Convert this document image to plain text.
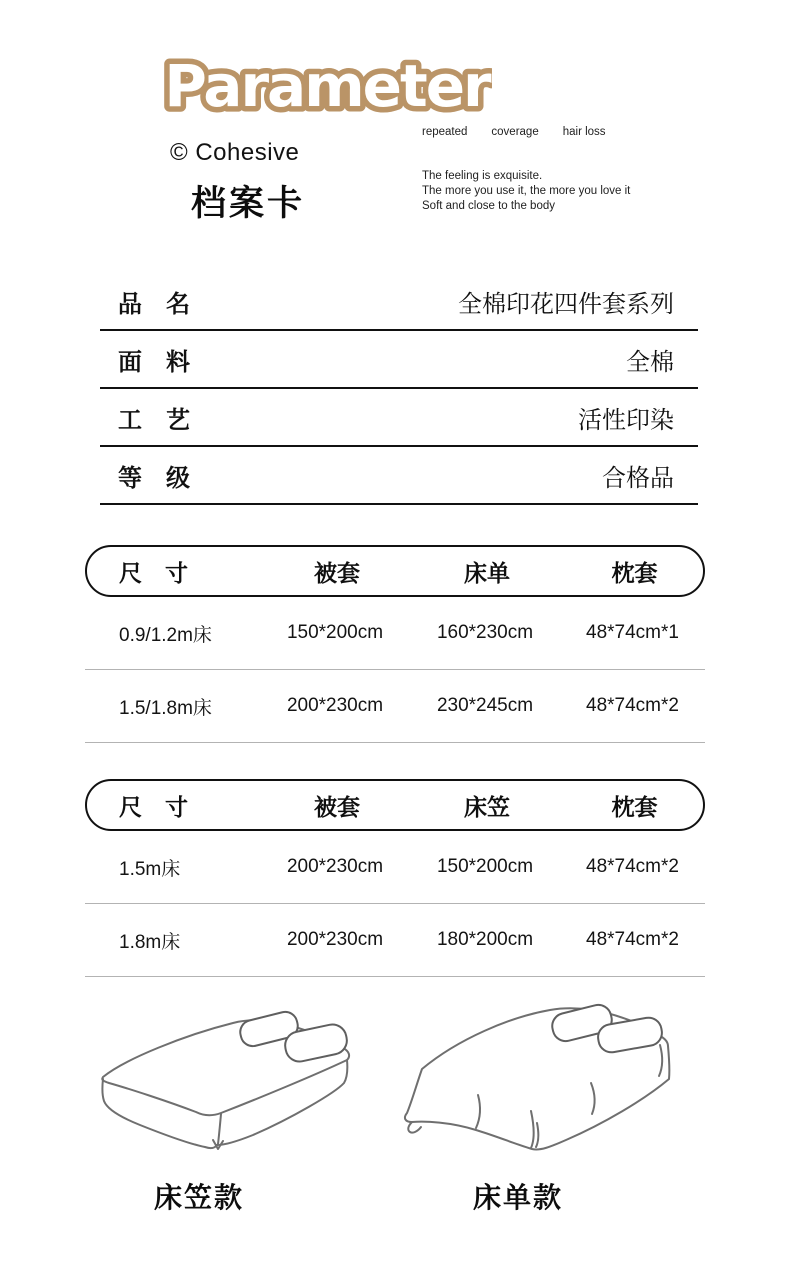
Parameter
© Cohesive
档案卡
repeated coverage hair loss
The feeling is exquisite.
The more you use it, the more you love it
Soft and close to the body
品　名	全棉印花四件套系列
面　料	全棉
工　艺	活性印染
等　级	合格品
尺　寸	被套	床单	枕套
0.9/1.2m床	150*200cm	160*230cm	48*74cm*1
1.5/1.8m床	200*230cm	230*245cm	48*74cm*2
尺　寸	被套	床笠	枕套
1.5m床	200*230cm	150*200cm	48*74cm*2
1.8m床	200*230cm	180*200cm	48*74cm*2
床笠款	床单款
